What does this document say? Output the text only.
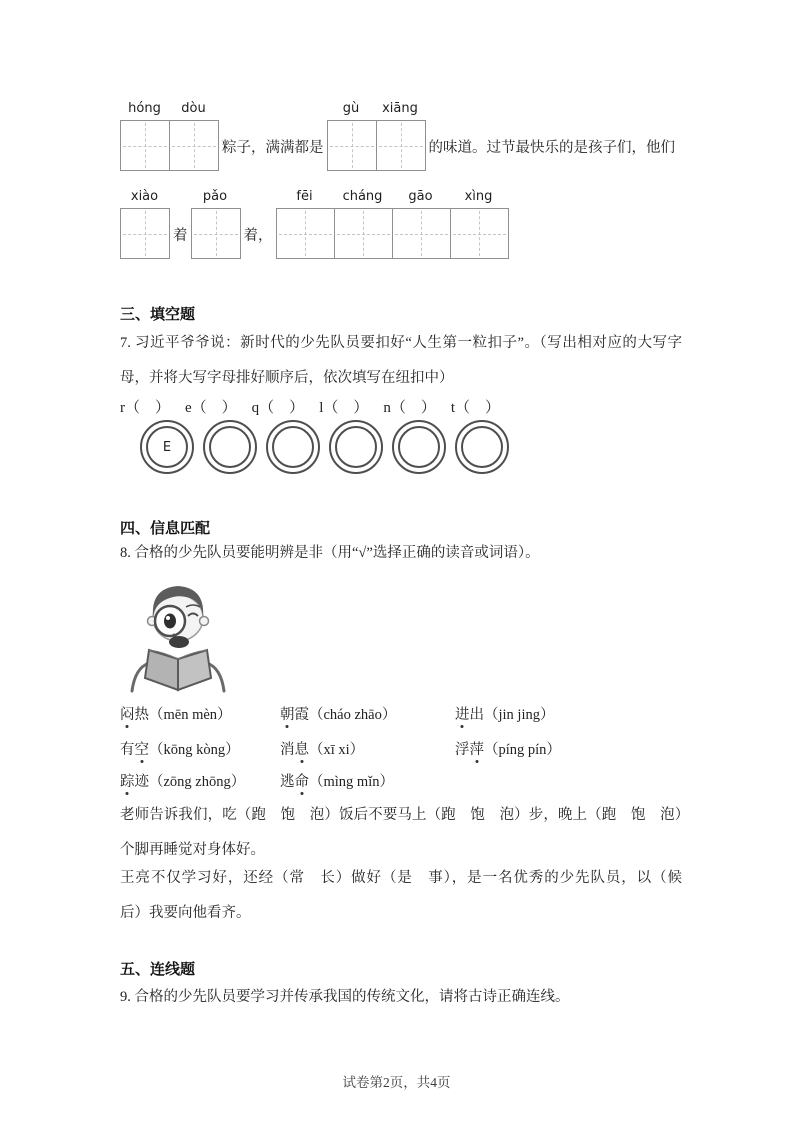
hóng	dòu
粽子，满满都是
gù	xiāng
的味道。过节最快乐的是孩子们，他们
xiào
着
pǎo
着，
fēi	cháng	gāo	xìng
三、填空题
7. 习近平爷爷说：新时代的少先队员要扣好“人生第一粒扣子”。（写出相对应的大写字母，并将大写字母排好顺序后，依次填写在纽扣中）
r（　） e（　） q（　） l（　） n（　） t（　）
E
四、信息匹配
8. 合格的少先队员要能明辨是非（用“√”选择正确的读音或词语）。
闷热（mēn mèn）	朝霞（cháo zhāo）	进出（jin jing）
有空（kōng kòng）	消息（xī xi）	浮萍（píng pín）
踪迹（zōng zhōng）	逃命（mìng mǐn）
老师告诉我们，吃（跑　饱　泡）饭后不要马上（跑　饱　泡）步，晚上（跑　饱　泡）个脚再睡觉对身体好。
王亮不仅学习好，还经（常　长）做好（是　事），是一名优秀的少先队员，以（候　后）我要向他看齐。
五、连线题
9. 合格的少先队员要学习并传承我国的传统文化，请将古诗正确连线。
试卷第2页，共4页
